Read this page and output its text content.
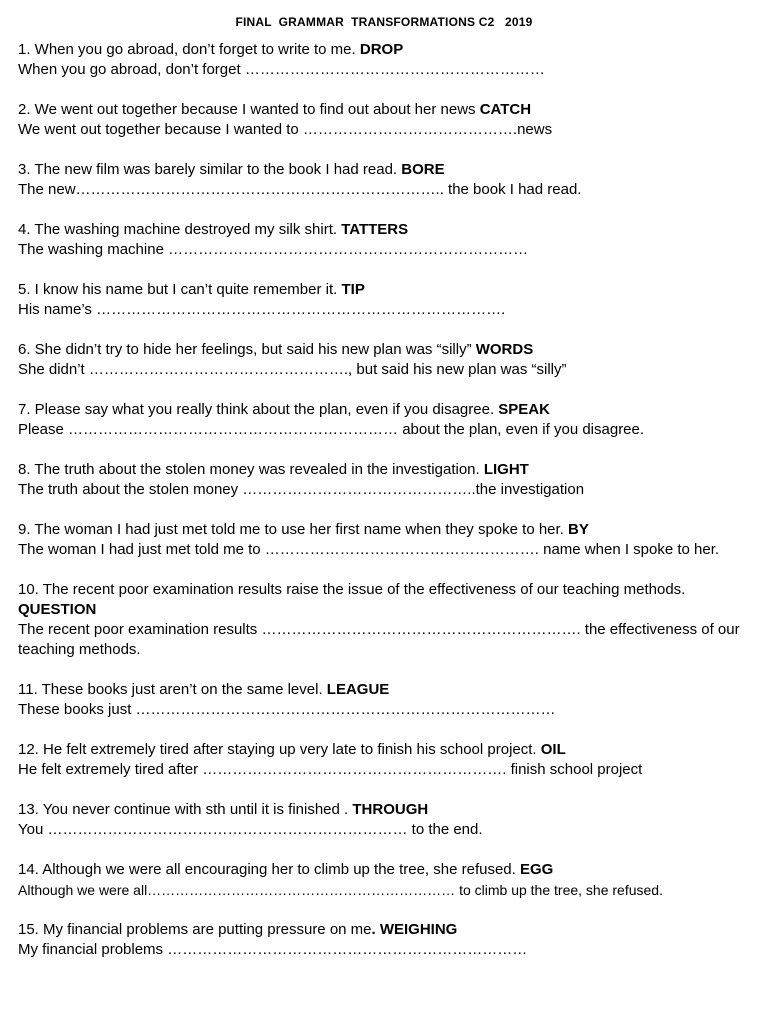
FINAL  GRAMMAR  TRANSFORMATIONS C2   2019
1. When you go abroad, don’t forget to write to me. DROP
When you go abroad, don’t forget ……………………………………………………
2. We went out together because I wanted to find out about her news CATCH
We went out together because I wanted to …………………………………….news
3. The new film was barely similar to the book I had read. BORE
The new……………………………………………………………….. the book I had read.
4. The washing machine destroyed my silk shirt. TATTERS
The washing machine ………………………………………………………………
5. I know his name but I can’t quite remember it. TIP
His name’s ……………………………………………………………………….
6. She didn’t try to hide her feelings, but said his new plan was “silly” WORDS
She didn’t ……………………………………………., but said his new plan was “silly”
7. Please say what you really think about the plan, even if you disagree. SPEAK
Please ………………………………………………………… about the plan, even if you disagree.
8. The truth about the stolen money was revealed in the investigation. LIGHT
The truth about the stolen money ………………………………………..the investigation
9. The woman I had just met told me to use her first name when they spoke to her. BY
The woman I had just met told me to ………………………………………………. name when I spoke to her.
10. The recent poor examination results raise the issue of the effectiveness of our teaching methods. QUESTION
The recent poor examination results ………………………………………………………. the effectiveness of our teaching methods.
11. These books just aren’t on the same level. LEAGUE
These books just …………………………………………………………………………
12. He felt extremely tired after staying up very late to finish his school project. OIL
He felt extremely tired after ……………………………………………………. finish school project
13. You never continue with sth until it is finished . THROUGH
You ……………………………………………………………… to the end.
14. Although we were all encouraging her to climb up the tree, she refused. EGG
Although we were all………………………………………………………… to climb up the tree, she refused.
15. My financial problems are putting pressure on me. WEIGHING
My financial problems ………………………………………………………………
